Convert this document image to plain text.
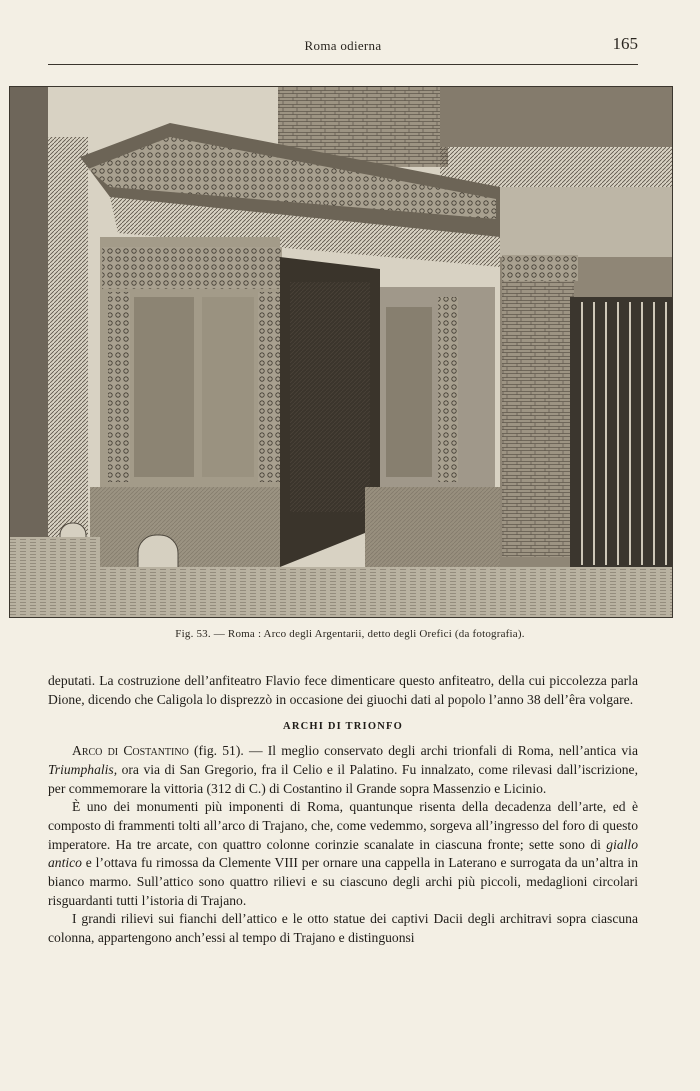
Roma odierna	165
Fig. 53. — Roma : Arco degli Argentarii, detto degli Orefici (da fotografia).

deputati. La costruzione dell’anfiteatro Flavio fece dimenticare questo anfiteatro, della cui piccolezza parla Dione, dicendo che Caligola lo disprezzò in occasione dei giuochi dati al popolo l’anno 38 dell’êra volgare.

ARCHI DI TRIONFO

Arco di Costantino (fig. 51). — Il meglio conservato degli archi trionfali di Roma, nell’antica via Triumphalis, ora via di San Gregorio, fra il Celio e il Palatino. Fu innalzato, come rilevasi dall’iscrizione, per commemorare la vittoria (312 di C.) di Costantino il Grande sopra Massenzio e Licinio.

È uno dei monumenti più imponenti di Roma, quantunque risenta della decadenza dell’arte, ed è composto di frammenti tolti all’arco di Trajano, che, come vedemmo, sorgeva all’ingresso del foro di questo imperatore. Ha tre arcate, con quattro colonne corinzie scanalate in ciascuna fronte; sette sono di giallo antico e l’ottava fu rimossa da Clemente VIII per ornare una cappella in Laterano e surrogata da un’altra in bianco marmo. Sull’attico sono quattro rilievi e su ciascuno degli archi più piccoli, medaglioni circolari risguardanti tutti l’istoria di Trajano.

I grandi rilievi sui fianchi dell’attico e le otto statue dei captivi Dacii degli architravi sopra ciascuna colonna, appartengono anch’essi al tempo di Trajano e distinguonsi
